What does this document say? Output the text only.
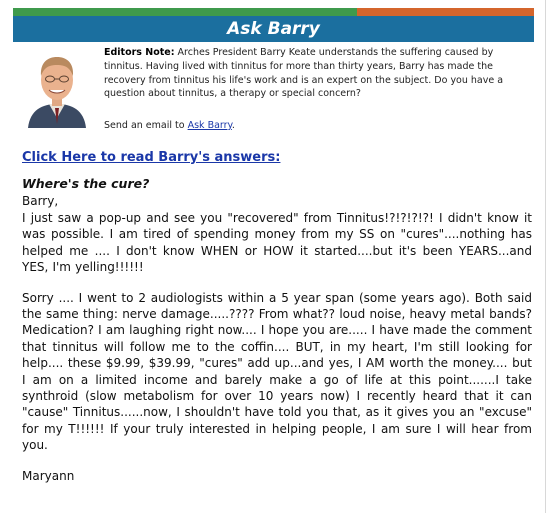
Ask Barry
Editors Note: Arches President Barry Keate understands the suffering caused by tinnitus. Having lived with tinnitus for more than thirty years, Barry has made the recovery from tinnitus his life's work and is an expert on the subject. Do you have a question about tinnitus, a therapy or special concern?
Send an email to Ask Barry.
Click Here to read Barry's answers:

Where's the cure?

Barry,

I just saw a pop-up and see you "recovered" from Tinnitus!?!?!?!?! I didn't know it was possible. I am tired of spending money from my SS on "cures"....nothing has helped me .... I don't know WHEN or HOW it started....but it's been YEARS...and YES, I'm yelling!!!!!!

Sorry .... I went to 2 audiologists within a 5 year span (some years ago). Both said the same thing: nerve damage.....???? From what?? loud noise, heavy metal bands? Medication? I am laughing right now.... I hope you are..... I have made the comment that tinnitus will follow me to the coffin.... BUT, in my heart, I'm still looking for help.... these $9.99, $39.99, "cures" add up...and yes, I AM worth the money.... but I am on a limited income and barely make a go of life at this point.......I take synthroid (slow metabolism for over 10 years now) I recently heard that it can "cause" Tinnitus......now, I shouldn't have told you that, as it gives you an "excuse" for my T!!!!!! If your truly interested in helping people, I am sure I will hear from you.

Maryann
